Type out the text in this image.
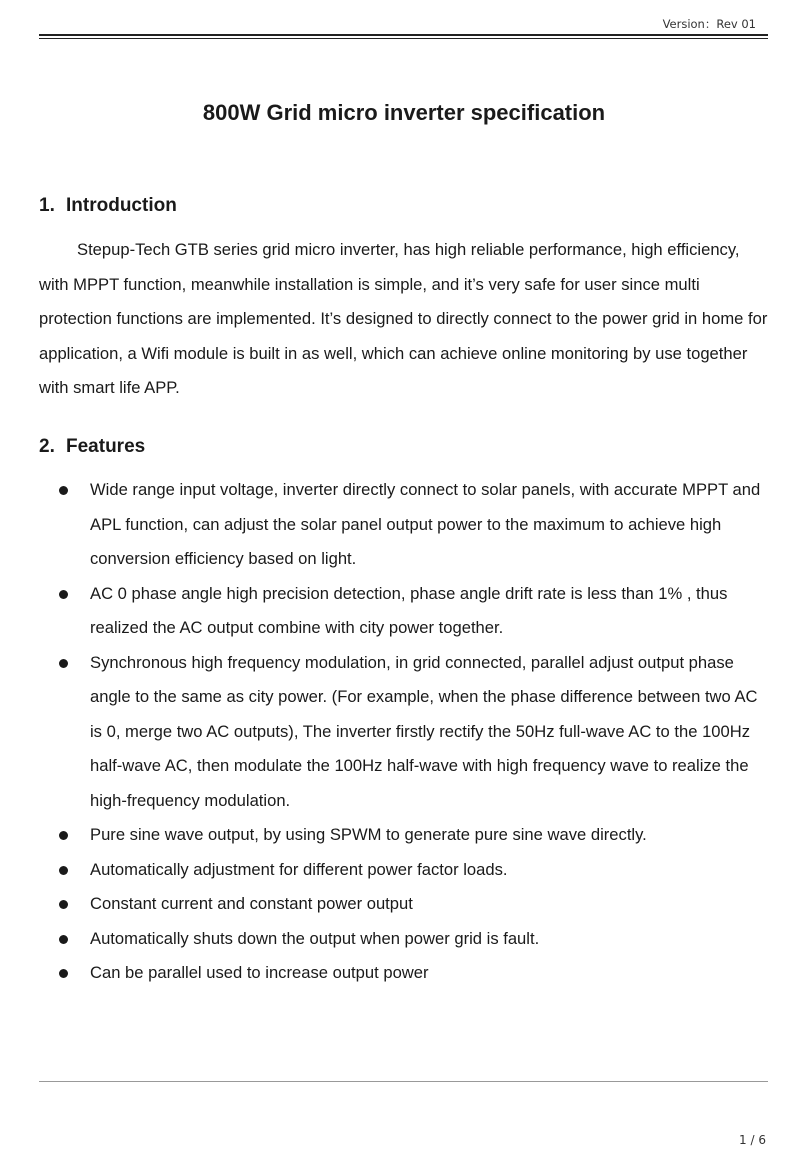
Version：Rev 01
800W Grid micro inverter specification
1. Introduction

Stepup-Tech GTB series grid micro inverter, has high reliable performance, high efficiency, with MPPT function, meanwhile installation is simple, and it’s very safe for user since multi protection functions are implemented. It’s designed to directly connect to the power grid in home for application, a Wifi module is built in as well, which can achieve online monitoring by use together with smart life APP.

2. Features
Wide range input voltage, inverter directly connect to solar panels, with accurate MPPT and APL function, can adjust the solar panel output power to the maximum to achieve high conversion efficiency based on light.
AC 0 phase angle high precision detection, phase angle drift rate is less than 1% , thus realized the AC output combine with city power together.
Synchronous high frequency modulation, in grid connected, parallel adjust output phase angle to the same as city power. (For example, when the phase difference between two AC is 0, merge two AC outputs), The inverter firstly rectify the 50Hz full-wave AC to the 100Hz half-wave AC, then modulate the 100Hz half-wave with high frequency wave to realize the high-frequency modulation.
Pure sine wave output, by using SPWM to generate pure sine wave directly.
Automatically adjustment for different power factor loads.
Constant current and constant power output
Automatically shuts down the output when power grid is fault.
Can be parallel used to increase output power
1 / 6
